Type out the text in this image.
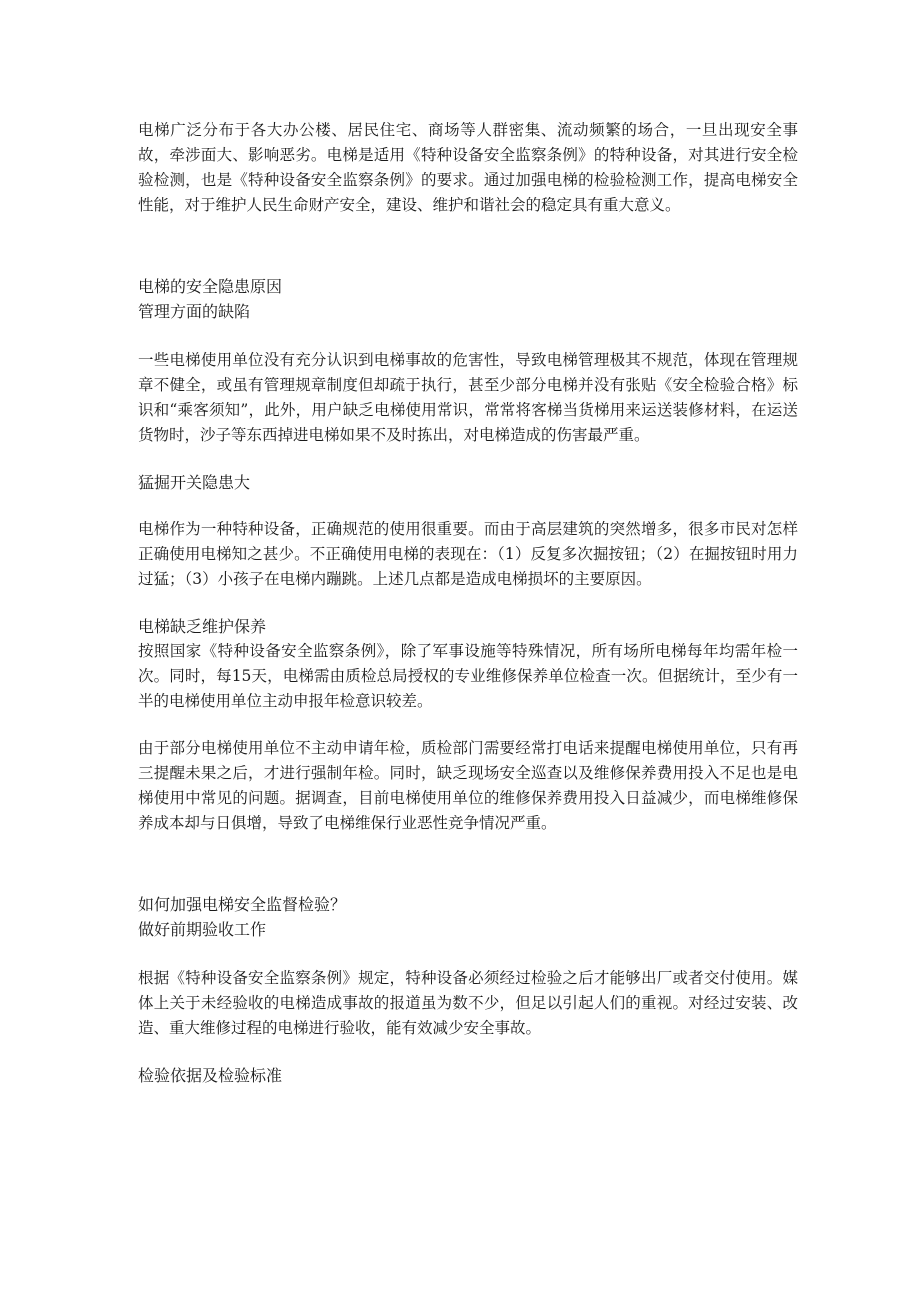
电梯广泛分布于各大办公楼、居民住宅、商场等人群密集、流动频繁的场合，一旦出现安全事故，牵涉面大、影响恶劣。电梯是适用《特种设备安全监察条例》的特种设备，对其进行安全检验检测，也是《特种设备安全监察条例》的要求。通过加强电梯的检验检测工作，提高电梯安全性能，对于维护人民生命财产安全，建设、维护和谐社会的稳定具有重大意义。

电梯的安全隐患原因

管理方面的缺陷

一些电梯使用单位没有充分认识到电梯事故的危害性，导致电梯管理极其不规范，体现在管理规章不健全，或虽有管理规章制度但却疏于执行，甚至少部分电梯并没有张贴《安全检验合格》标识和“乘客须知”，此外，用户缺乏电梯使用常识，常常将客梯当货梯用来运送装修材料，在运送货物时，沙子等东西掉进电梯如果不及时拣出，对电梯造成的伤害最严重。

猛掘开关隐患大

电梯作为一种特种设备，正确规范的使用很重要。而由于高层建筑的突然增多，很多市民对怎样正确使用电梯知之甚少。不正确使用电梯的表现在：（1）反复多次掘按钮；（2）在掘按钮时用力过猛；（3）小孩子在电梯内蹦跳。上述几点都是造成电梯损坏的主要原因。

电梯缺乏维护保养

按照国家《特种设备安全监察条例》，除了军事设施等特殊情况，所有场所电梯每年均需年检一次。同时，每15天，电梯需由质检总局授权的专业维修保养单位检查一次。但据统计，至少有一半的电梯使用单位主动申报年检意识较差。

由于部分电梯使用单位不主动申请年检，质检部门需要经常打电话来提醒电梯使用单位，只有再三提醒未果之后，才进行强制年检。同时，缺乏现场安全巡查以及维修保养费用投入不足也是电梯使用中常见的问题。据调查，目前电梯使用单位的维修保养费用投入日益减少，而电梯维修保养成本却与日俱增，导致了电梯维保行业恶性竞争情况严重。

如何加强电梯安全监督检验？

做好前期验收工作

根据《特种设备安全监察条例》规定，特种设备必须经过检验之后才能够出厂或者交付使用。媒体上关于未经验收的电梯造成事故的报道虽为数不少，但足以引起人们的重视。对经过安装、改造、重大维修过程的电梯进行验收，能有效减少安全事故。

检验依据及检验标准
